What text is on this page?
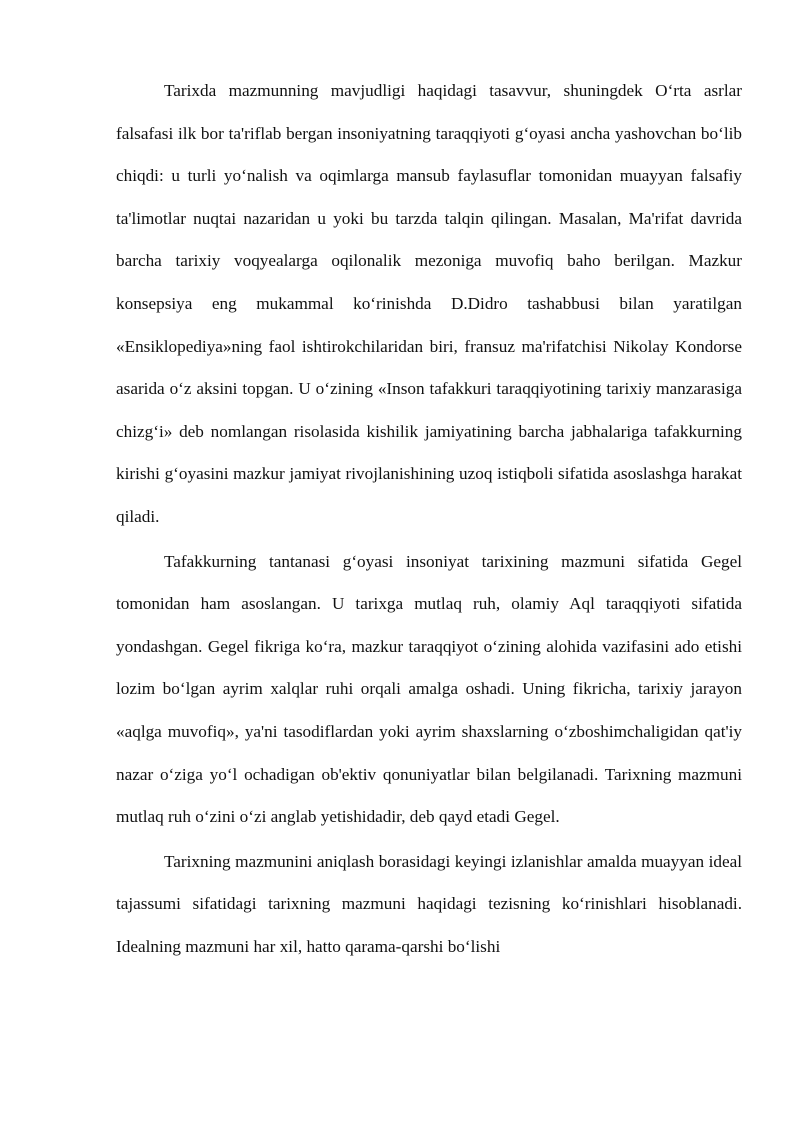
Tarixda mazmunning mavjudligi haqidagi tasavvur, shuningdek O‘rta asrlar falsafasi ilk bor ta'riflab bergan insoniyatning taraqqiyoti g‘oyasi ancha yashovchan bo‘lib chiqdi: u turli yo‘nalish va oqimlarga mansub faylasuflar tomonidan muayyan falsafiy ta'limotlar nuqtai nazaridan u yoki bu tarzda talqin qilingan. Masalan, Ma'rifat davrida barcha tarixiy voqyealarga oqilonalik mezoniga muvofiq baho berilgan. Mazkur konsepsiya eng mukammal ko‘rinishda D.Didro tashabbusi bilan yaratilgan «Ensiklopediya»ning faol ishtirokchilaridan biri, fransuz ma'rifatchisi Nikolay Kondorse asarida o‘z aksini topgan. U o‘zining «Inson tafakkuri taraqqiyotining tarixiy manzarasiga chizg‘i» deb nomlangan risolasida kishilik jamiyatining barcha jabhalariga tafakkurning kirishi g‘oyasini mazkur jamiyat rivojlanishining uzoq istiqboli sifatida asoslashga harakat qiladi.

Tafakkurning tantanasi g‘oyasi insoniyat tarixining mazmuni sifatida Gegel tomonidan ham asoslangan. U tarixga mutlaq ruh, olamiy Aql taraqqiyoti sifatida yondashgan. Gegel fikriga ko‘ra, mazkur taraqqiyot o‘zining alohida vazifasini ado etishi lozim bo‘lgan ayrim xalqlar ruhi orqali amalga oshadi. Uning fikricha, tarixiy jarayon «aqlga muvofiq», ya'ni tasodiflardan yoki ayrim shaxslarning o‘zboshimchaligidan qat'iy nazar o‘ziga yo‘l ochadigan ob'ektiv qonuniyatlar bilan belgilanadi. Tarixning mazmuni mutlaq ruh o‘zini o‘zi anglab yetishidadir, deb qayd etadi Gegel.

Tarixning mazmunini aniqlash borasidagi keyingi izlanishlar amalda muayyan ideal tajassumi sifatidagi tarixning mazmuni haqidagi tezisning ko‘rinishlari hisoblanadi. Idealning mazmuni har xil, hatto qarama-qarshi bo‘lishi
